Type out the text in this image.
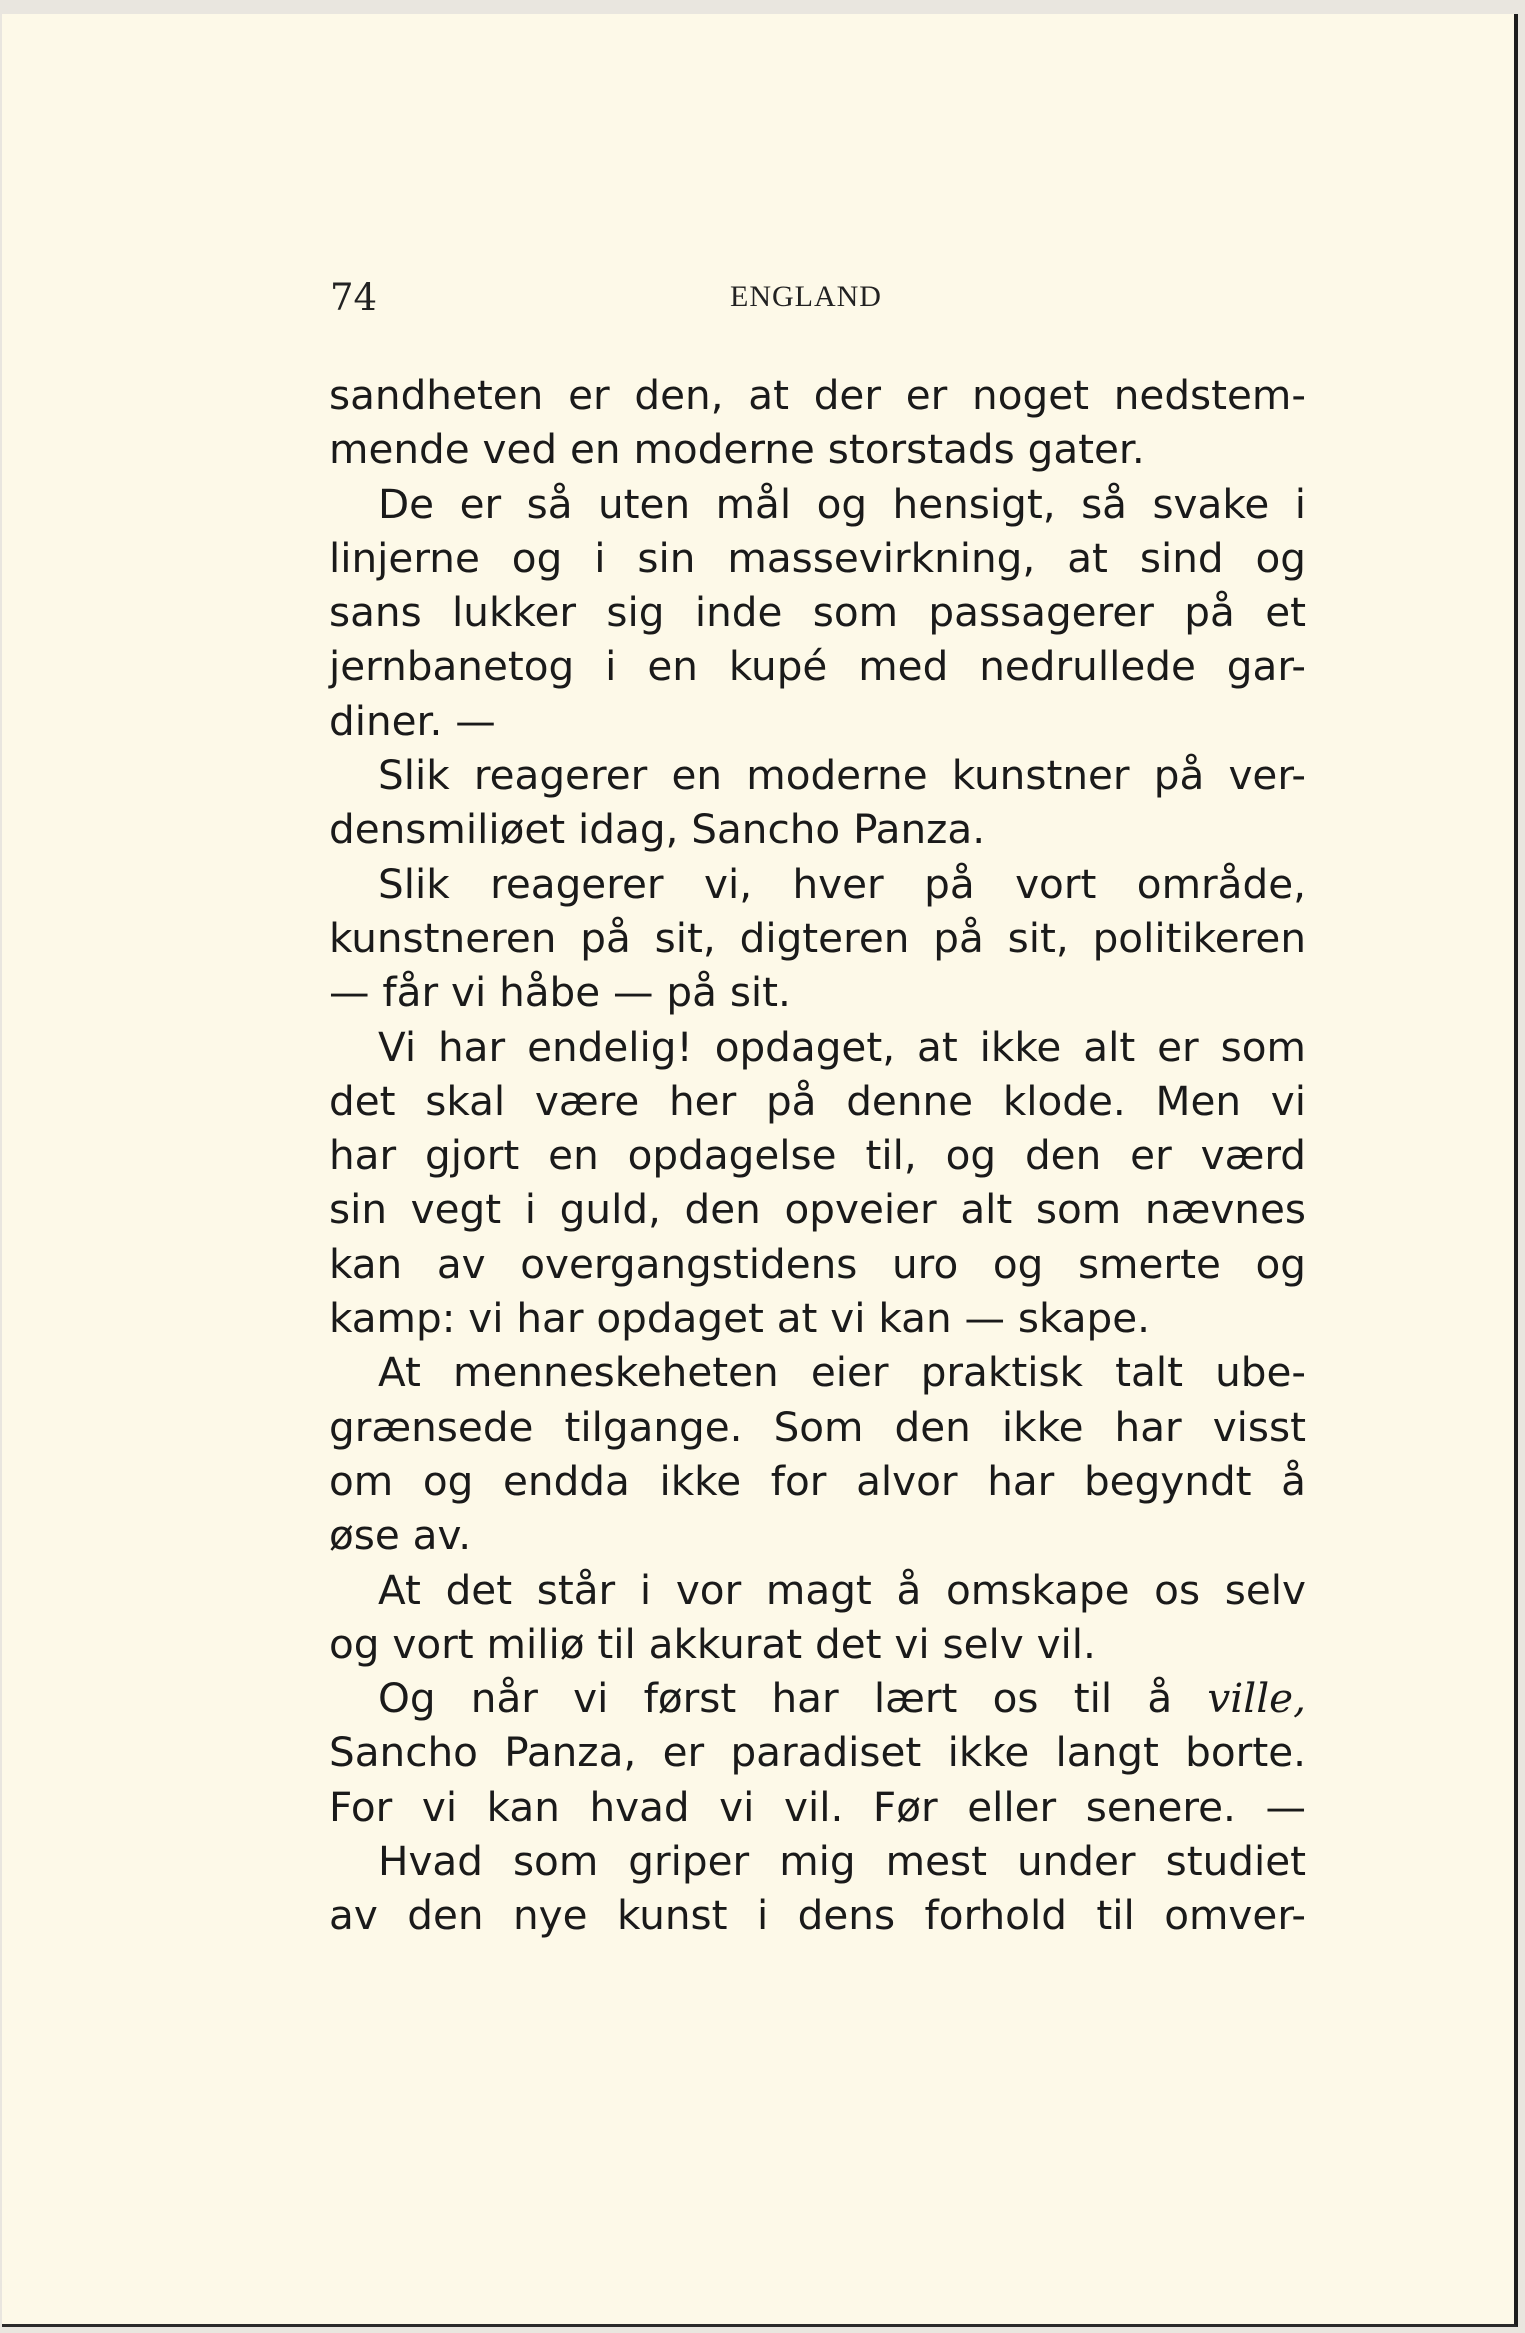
74	ENGLAND
sandheten er den, at der er noget nedstem-
mende ved en moderne storstads gater.
De er så uten mål og hensigt, så svake i
linjerne og i sin massevirkning, at sind og
sans lukker sig inde som passagerer på et
jernbanetog i en kupé med nedrullede gar-
diner. —
Slik reagerer en moderne kunstner på ver-
densmiliøet idag, Sancho Panza.
Slik reagerer vi, hver på vort område,
kunstneren på sit, digteren på sit, politikeren
— får vi håbe — på sit.
Vi har endelig! opdaget, at ikke alt er som
det skal være her på denne klode. Men vi
har gjort en opdagelse til, og den er værd
sin vegt i guld, den opveier alt som nævnes
kan av overgangstidens uro og smerte og
kamp: vi har opdaget at vi kan — skape.
At menneskeheten eier praktisk talt ube-
grænsede tilgange. Som den ikke har visst
om og endda ikke for alvor har begyndt å
øse av.
At det står i vor magt å omskape os selv
og vort miliø til akkurat det vi selv vil.
Og når vi først har lært os til å ville,
Sancho Panza, er paradiset ikke langt borte.
For vi kan hvad vi vil. Før eller senere. —
Hvad som griper mig mest under studiet
av den nye kunst i dens forhold til omver-
